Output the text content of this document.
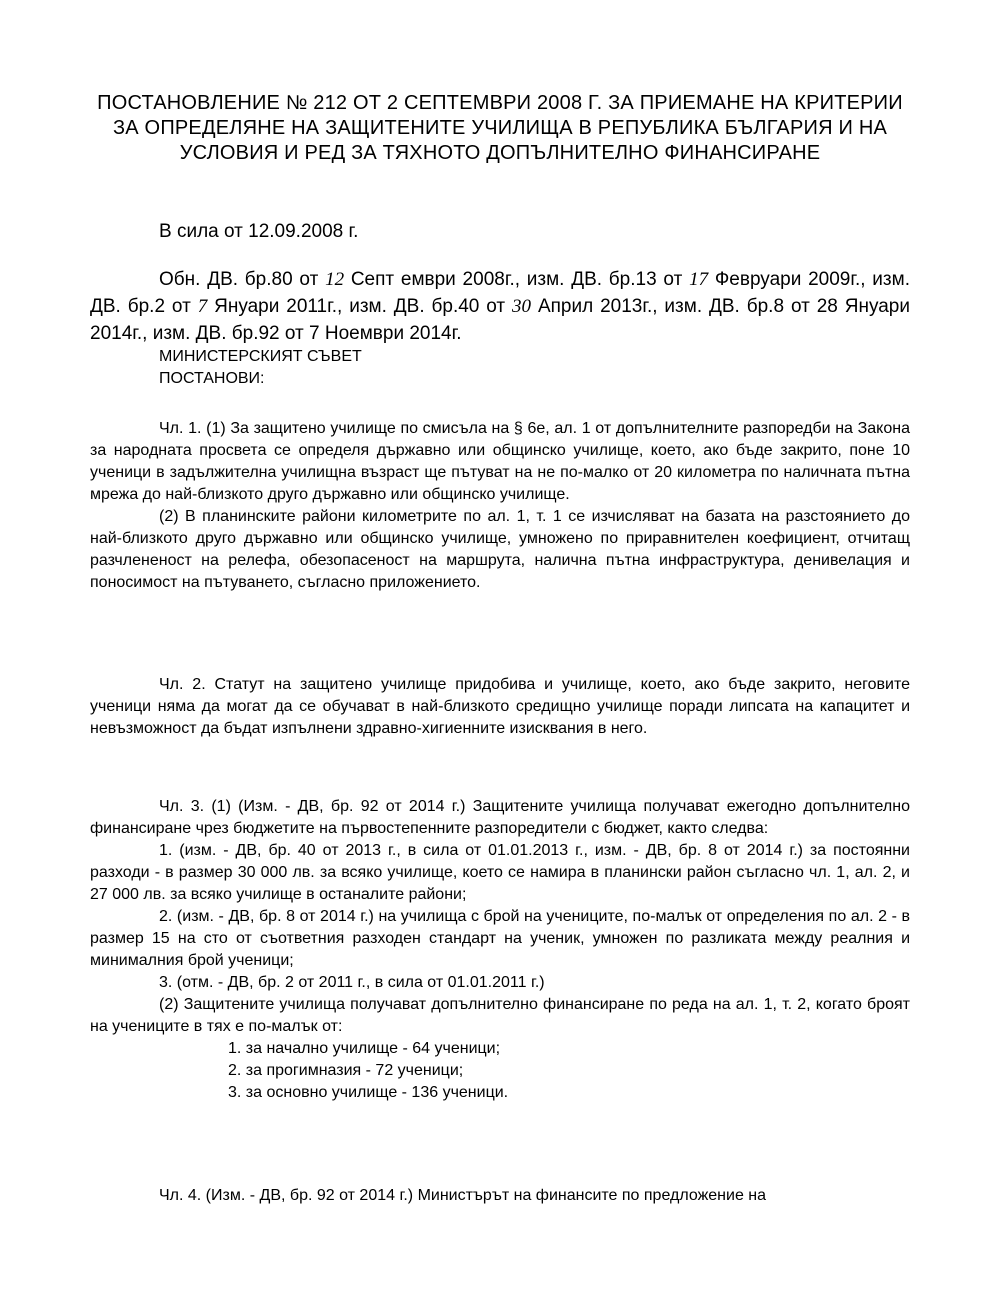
ПОСТАНОВЛЕНИЕ № 212 ОТ 2 СЕПТЕМВРИ 2008 Г. ЗА ПРИЕМАНЕ НА КРИТЕРИИ ЗА ОПРЕДЕЛЯНЕ НА ЗАЩИТЕНИТЕ УЧИЛИЩА В РЕПУБЛИКА БЪЛГАРИЯ И НА УСЛОВИЯ И РЕД ЗА ТЯХНОТО ДОПЪЛНИТЕЛНО ФИНАНСИРАНЕ
В сила от 12.09.2008 г.
Обн. ДВ. бр.80 от 12 Септ ември 2008г., изм. ДВ. бр.13 от 17 Февруари 2009г., изм. ДВ. бр.2 от 7 Януари 2011г., изм. ДВ. бр.40 от 30 Април 2013г., изм. ДВ. бр.8 от 28 Януари 2014г., изм. ДВ. бр.92 от 7 Ноември 2014г.
МИНИСТЕРСКИЯТ СЪВЕТ
ПОСТАНОВИ:

Чл. 1. (1) За защитено училище по смисъла на § 6е, ал. 1 от допълнителните разпоредби на Закона за народната просвета се определя държавно или общинско училище, което, ако бъде закрито, поне 10 ученици в задължителна училищна възраст ще пътуват на не по-малко от 20 километра по наличната пътна мрежа до най-близкото друго държавно или общинско училище.

(2) В планинските райони километрите по ал. 1, т. 1 се изчисляват на базата на разстоянието до най-близкото друго държавно или общинско училище, умножено по приравнителен коефициент, отчитащ разчлененост на релефа, обезопасеност на маршрута, налична пътна инфраструктура, денивелация и поносимост на пътуването, съгласно приложението.

Чл. 2. Статут на защитено училище придобива и училище, което, ако бъде закрито, неговите ученици няма да могат да се обучават в най-близкото средищно училище поради липсата на капацитет и невъзможност да бъдат изпълнени здравно-хигиенните изисквания в него.

Чл. 3. (1) (Изм. - ДВ, бр. 92 от 2014 г.) Защитените училища получават ежегодно допълнително финансиране чрез бюджетите на първостепенните разпоредители с бюджет, както следва:

1. (изм. - ДВ, бр. 40 от 2013 г., в сила от 01.01.2013 г., изм. - ДВ, бр. 8 от 2014 г.) за постоянни разходи - в размер 30 000 лв. за всяко училище, което се намира в планински район съгласно чл. 1, ал. 2, и 27 000 лв. за всяко училище в останалите райони;

2. (изм. - ДВ, бр. 8 от 2014 г.) на училища с брой на учениците, по-малък от определения по ал. 2 - в размер 15 на сто от съответния разходен стандарт на ученик, умножен по разликата между реалния и минималния брой ученици;

3. (отм. - ДВ, бр. 2 от 2011 г., в сила от 01.01.2011 г.)

(2) Защитените училища получават допълнително финансиране по реда на ал. 1, т. 2, когато броят на учениците в тях е по-малък от:

1. за начално училище - 64 ученици;

2. за прогимназия - 72 ученици;

3. за основно училище - 136 ученици.

Чл. 4. (Изм. - ДВ, бр. 92 от 2014 г.) Министърът на финансите по предложение на
